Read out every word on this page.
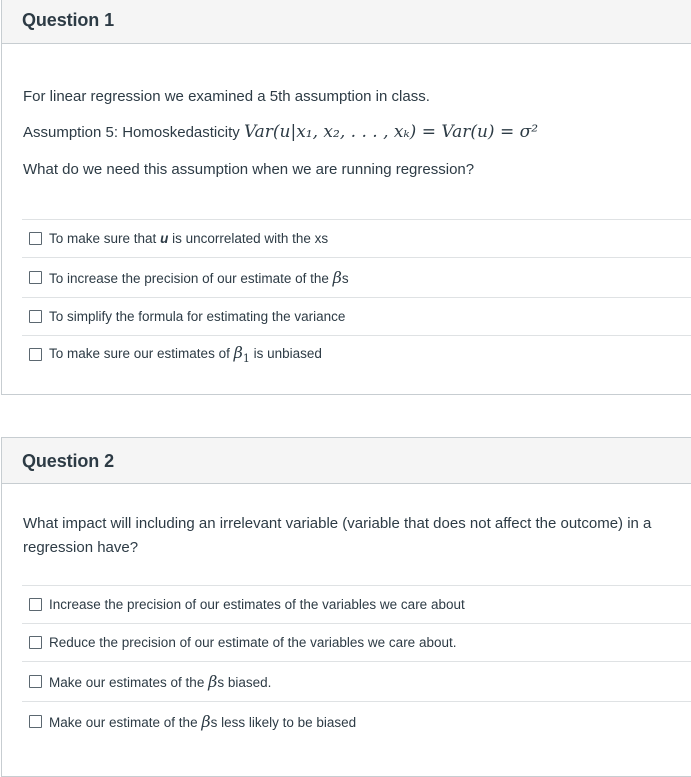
Question 1
For linear regression we examined a 5th assumption in class.
Assumption 5: Homoskedasticity Var(u|x₁, x₂, . . . , xₖ) = Var(u) = σ²
What do we need this assumption when we are running regression?
To make sure that u is uncorrelated with the xs
To increase the precision of our estimate of the βs
To simplify the formula for estimating the variance
To make sure our estimates of $\beta_1$ is unbiased
Question 2
What impact will including an irrelevant variable (variable that does not affect the outcome) in a regression have?
Increase the precision of our estimates of the variables we care about
Reduce the precision of our estimate of the variables we care about.
Make our estimates of the βs biased.
Make our estimate of the βs less likely to be biased
